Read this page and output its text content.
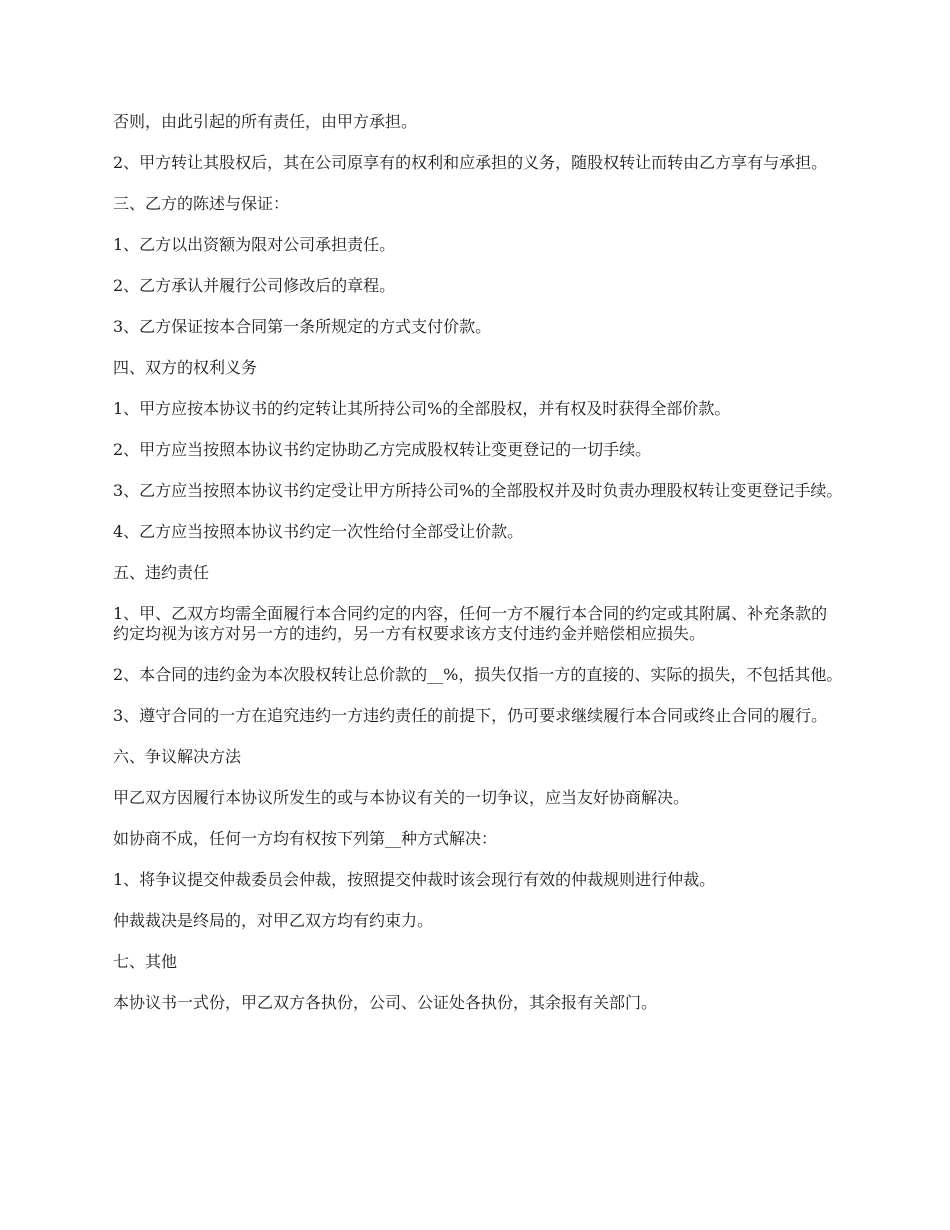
否则，由此引起的所有责任，由甲方承担。

2、甲方转让其股权后，其在公司原享有的权利和应承担的义务，随股权转让而转由乙方享有与承担。

三、乙方的陈述与保证：

1、乙方以出资额为限对公司承担责任。

2、乙方承认并履行公司修改后的章程。

3、乙方保证按本合同第一条所规定的方式支付价款。

四、双方的权利义务

1、甲方应按本协议书的约定转让其所持公司%的全部股权，并有权及时获得全部价款。

2、甲方应当按照本协议书约定协助乙方完成股权转让变更登记的一切手续。

3、乙方应当按照本协议书约定受让甲方所持公司%的全部股权并及时负责办理股权转让变更登记手续。

4、乙方应当按照本协议书约定一次性给付全部受让价款。

五、违约责任

1、甲、乙双方均需全面履行本合同约定的内容，任何一方不履行本合同的约定或其附属、补充条款的约定均视为该方对另一方的违约，另一方有权要求该方支付违约金并赔偿相应损失。

2、本合同的违约金为本次股权转让总价款的__%，损失仅指一方的直接的、实际的损失，不包括其他。

3、遵守合同的一方在追究违约一方违约责任的前提下，仍可要求继续履行本合同或终止合同的履行。

六、争议解决方法

甲乙双方因履行本协议所发生的或与本协议有关的一切争议，应当友好协商解决。

如协商不成，任何一方均有权按下列第__种方式解决：

1、将争议提交仲裁委员会仲裁，按照提交仲裁时该会现行有效的仲裁规则进行仲裁。

仲裁裁决是终局的，对甲乙双方均有约束力。

七、其他

本协议书一式份，甲乙双方各执份，公司、公证处各执份，其余报有关部门。
